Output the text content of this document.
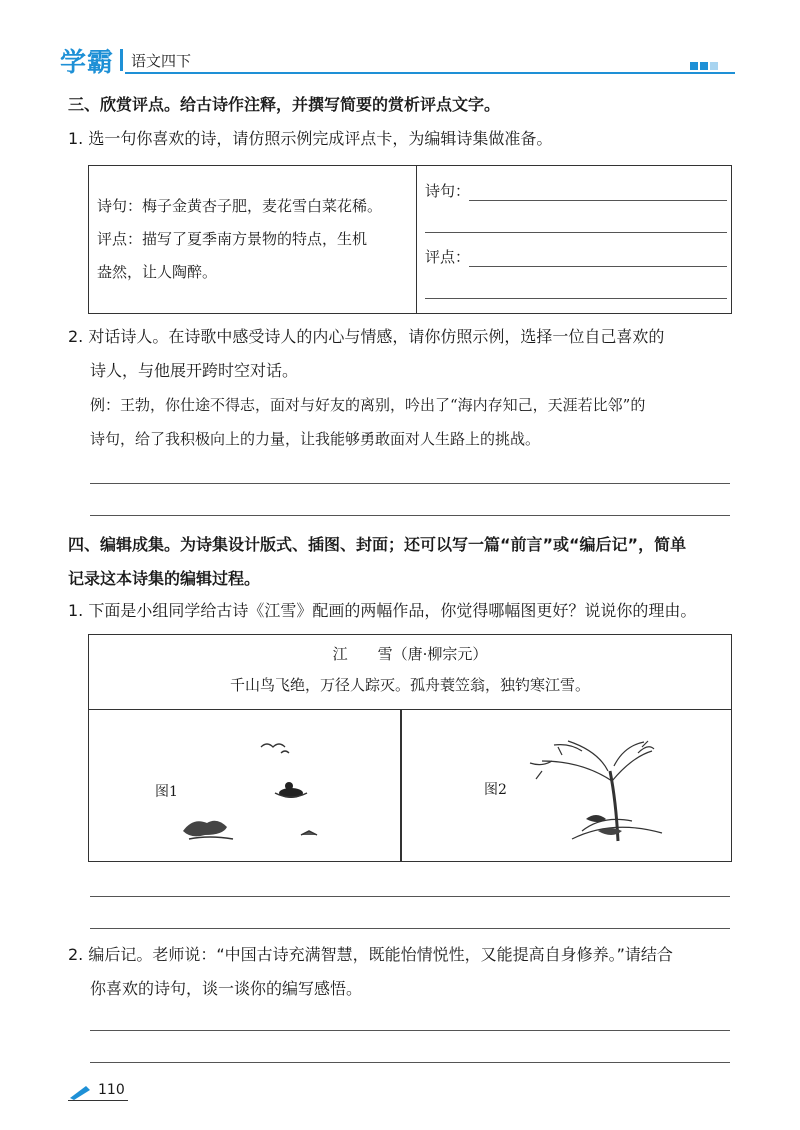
学霸 语文四下
三、欣赏评点。给古诗作注释，并撰写简要的赏析评点文字。
1. 选一句你喜欢的诗，请仿照示例完成评点卡，为编辑诗集做准备。
诗句：梅子金黄杏子肥，麦花雪白菜花稀。
评点：描写了夏季南方景物的特点，生机
盎然，让人陶醉。
诗句：
评点：
2. 对话诗人。在诗歌中感受诗人的内心与情感，请你仿照示例，选择一位自己喜欢的
诗人，与他展开跨时空对话。
例：王勃，你仕途不得志，面对与好友的离别，吟出了“海内存知己，天涯若比邻”的
诗句，给了我积极向上的力量，让我能够勇敢面对人生路上的挑战。
四、编辑成集。为诗集设计版式、插图、封面；还可以写一篇“前言”或“编后记”，简单
记录这本诗集的编辑过程。
1. 下面是小组同学给古诗《江雪》配画的两幅作品，你觉得哪幅图更好？说说你的理由。
江　　雪（唐·柳宗元）
千山鸟飞绝，万径人踪灭。孤舟蓑笠翁，独钓寒江雪。
图1	图2
2. 编后记。老师说：“中国古诗充满智慧，既能怡情悦性，又能提高自身修养。”请结合
你喜欢的诗句，谈一谈你的编写感悟。
110
